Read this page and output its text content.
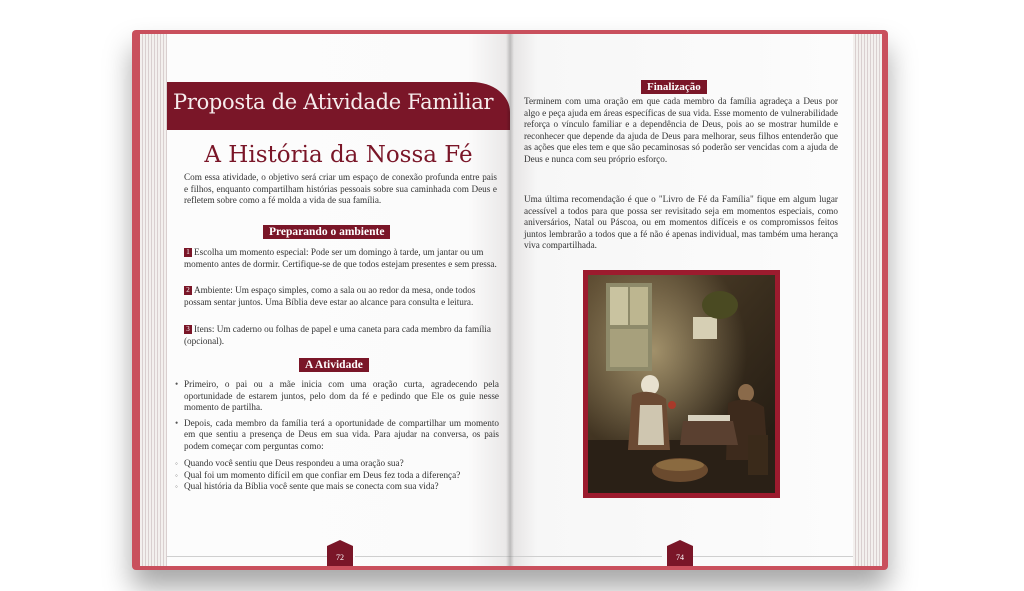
Proposta de Atividade Familiar
A História da Nossa Fé
Com essa atividade, o objetivo será criar um espaço de conexão profunda entre pais e filhos, enquanto compartilham histórias pessoais sobre sua caminhada com Deus e refletem sobre como a fé molda a vida de sua família.
Preparando o ambiente
1 Escolha um momento especial: Pode ser um domingo à tarde, um jantar ou um momento antes de dormir. Certifique-se de que todos estejam presentes e sem pressa.
2 Ambiente: Um espaço simples, como a sala ou ao redor da mesa, onde todos possam sentar juntos. Uma Bíblia deve estar ao alcance para consulta e leitura.
3 Itens: Um caderno ou folhas de papel e uma caneta para cada membro da família (opcional).
A Atividade
• Primeiro, o pai ou a mãe inicia com uma oração curta, agradecendo pela oportunidade de estarem juntos, pelo dom da fé e pedindo que Ele os guie nesse momento de partilha.
• Depois, cada membro da família terá a oportunidade de compartilhar um momento em que sentiu a presença de Deus em sua vida. Para ajudar na conversa, os pais podem começar com perguntas como:
◦ Quando você sentiu que Deus respondeu a uma oração sua?
◦ Qual foi um momento difícil em que confiar em Deus fez toda a diferença?
◦ Qual história da Bíblia você sente que mais se conecta com sua vida?
72
Finalização
Terminem com uma oração em que cada membro da família agradeça a Deus por algo e peça ajuda em áreas específicas de sua vida. Esse momento de vulnerabilidade reforça o vínculo familiar e a dependência de Deus, pois ao se mostrar humilde e reconhecer que depende da ajuda de Deus para melhorar, seus filhos entenderão que as ações que eles tem e que são pecaminosas só poderão ser vencidas com a ajuda de Deus e nunca com seu próprio esforço.
Uma última recomendação é que o "Livro de Fé da Família" fique em algum lugar acessível a todos para que possa ser revisitado seja em momentos especiais, como aniversários, Natal ou Páscoa, ou em momentos difíceis e os compromissos feitos juntos lembrarão a todos que a fé não é apenas individual, mas também uma herança viva compartilhada.
74
